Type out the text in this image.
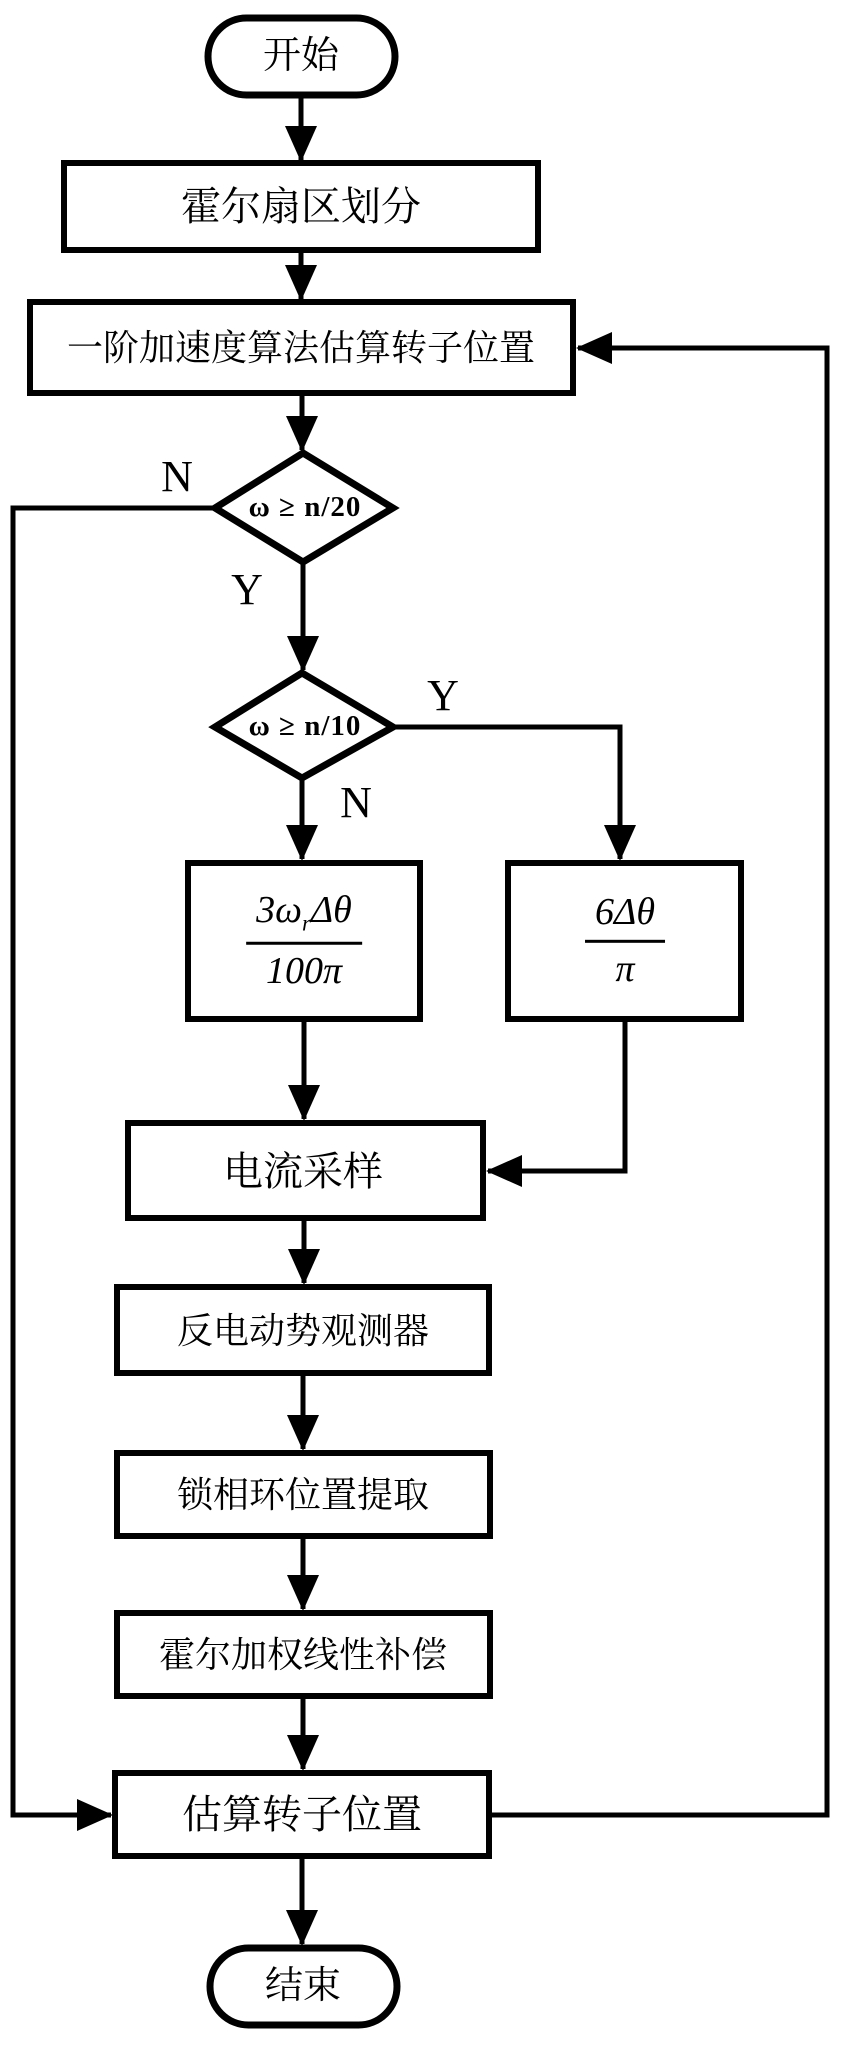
开始
霍尔扇区划分
一阶加速度算法估算转子位置
ω ≥ n/20
N
Y
ω ≥ n/10
Y
N
$3\omega_r\Delta\theta$
100π	$\frac{6\Delta\theta}{\pi}$
电流采样
反电动势观测器
锁相环位置提取
霍尔加权线性补偿
估算转子位置
结束
